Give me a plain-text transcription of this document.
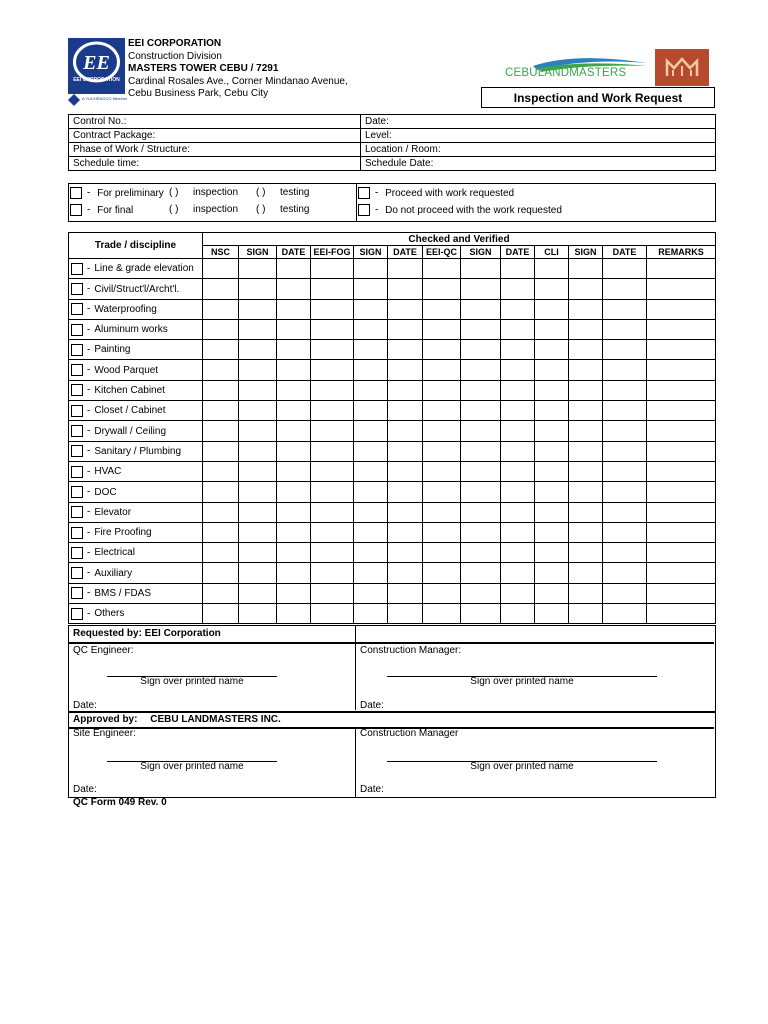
EE
EEI CORPORATION
7291
A YUCHENGCO Member
EEI CORPORATION
Construction Division
MASTERS TOWER CEBU / 7291
Cardinal Rosales Ave., Corner Mindanao Avenue,
Cebu Business Park, Cebu City
CEBULANDMASTERS
Inspection and Work Request
Control No.:	Date:
Contract Package:	Level:
Phase of Work / Structure:	Location / Room:
Schedule time:	Schedule Date:
- For preliminary ( ) inspection ( ) testing
- For final	( ) inspection ( ) testing
- Proceed with work requested
- Do not proceed with the work requested
Trade / discipline	Checked and Verified												
	NSC	SIGN	DATE	EEI-FOG	SIGN	DATE	EEI-QC	SIGN	DATE	CLI	SIGN	DATE	REMARKS
- Line & grade elevation													
- Civil/Struct'l/Archt'l.													
- Waterproofing													
- Aluminum works													
- Painting													
- Wood Parquet													
- Kitchen Cabinet													
- Closet / Cabinet													
- Drywall / Ceiling													
- Sanitary / Plumbing													
- HVAC													
- DOC													
- Elevator													
- Fire Proofing													
- Electrical													
- Auxiliary													
- BMS / FDAS													
- Others													
Requested by: EEI Corporation
QC Engineer:	Construction Manager:
Sign over printed name	Sign over printed name
Date:	Date:
Approved by: CEBU LANDMASTERS INC.
Site Engineer:	Construction Manager
Sign over printed name	Sign over printed name
Date:	Date:
QC Form 049 Rev. 0
